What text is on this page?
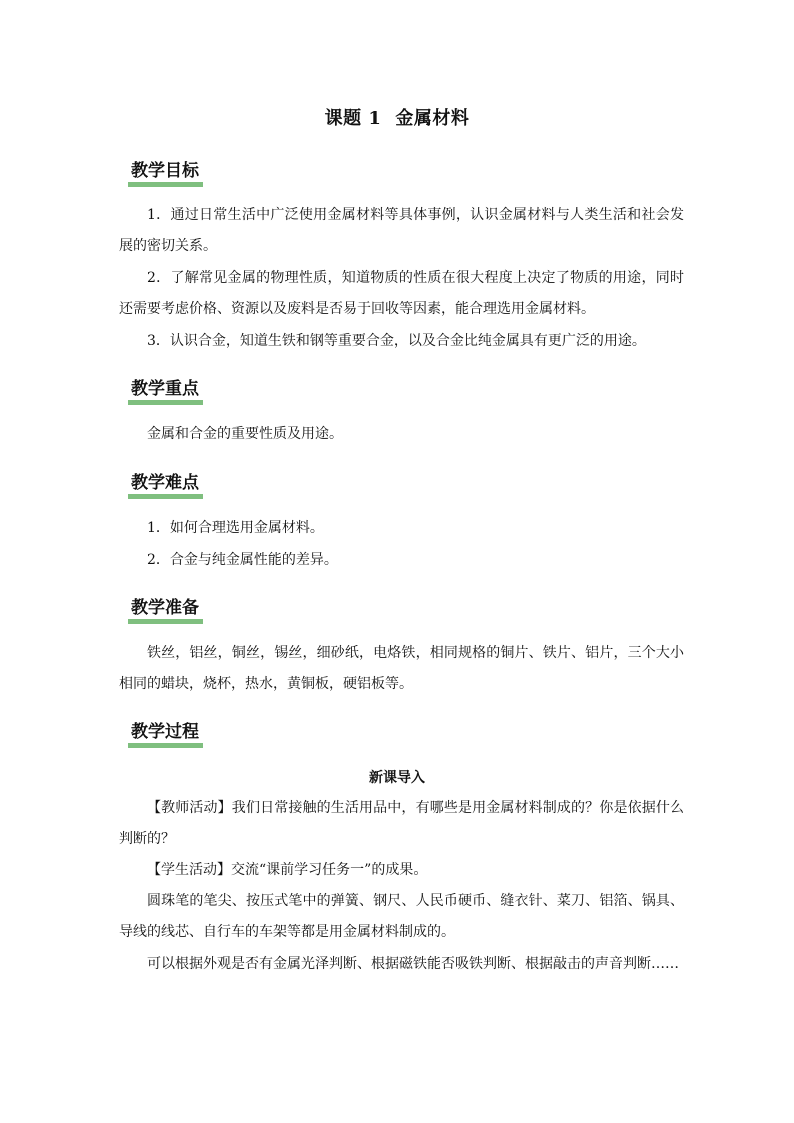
课题 1 金属材料
教学目标
1．通过日常生活中广泛使用金属材料等具体事例，认识金属材料与人类生活和社会发展的密切关系。
2．了解常见金属的物理性质，知道物质的性质在很大程度上决定了物质的用途，同时还需要考虑价格、资源以及废料是否易于回收等因素，能合理选用金属材料。
3．认识合金，知道生铁和钢等重要合金，以及合金比纯金属具有更广泛的用途。
教学重点
金属和合金的重要性质及用途。
教学难点
1．如何合理选用金属材料。
2．合金与纯金属性能的差异。
教学准备
铁丝，铝丝，铜丝，锡丝，细砂纸，电烙铁，相同规格的铜片、铁片、铝片，三个大小相同的蜡块，烧杯，热水，黄铜板，硬铝板等。
教学过程
新课导入
【教师活动】我们日常接触的生活用品中，有哪些是用金属材料制成的？你是依据什么判断的？
【学生活动】交流“课前学习任务一”的成果。
圆珠笔的笔尖、按压式笔中的弹簧、钢尺、人民币硬币、缝衣针、菜刀、铝箔、锅具、导线的线芯、自行车的车架等都是用金属材料制成的。
可以根据外观是否有金属光泽判断、根据磁铁能否吸铁判断、根据敲击的声音判断……
